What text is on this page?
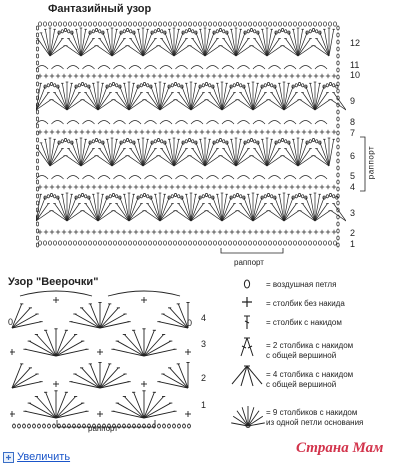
Фантазийный узор
12
11
10
9
8
7
6
5
4
3
2
1
раппорт
раппорт
Узор "Веерочки"
4
3
2
1
0	0
раппорт
= воздушная петля
= столбик без накида
= столбик с накидом
= 2 столбика с накидом
с общей вершиной
= 4 столбика с накидом
с общей вершиной
= 9 столбиков с накидом
из одной петли основания
Страна Мам
Увеличить
